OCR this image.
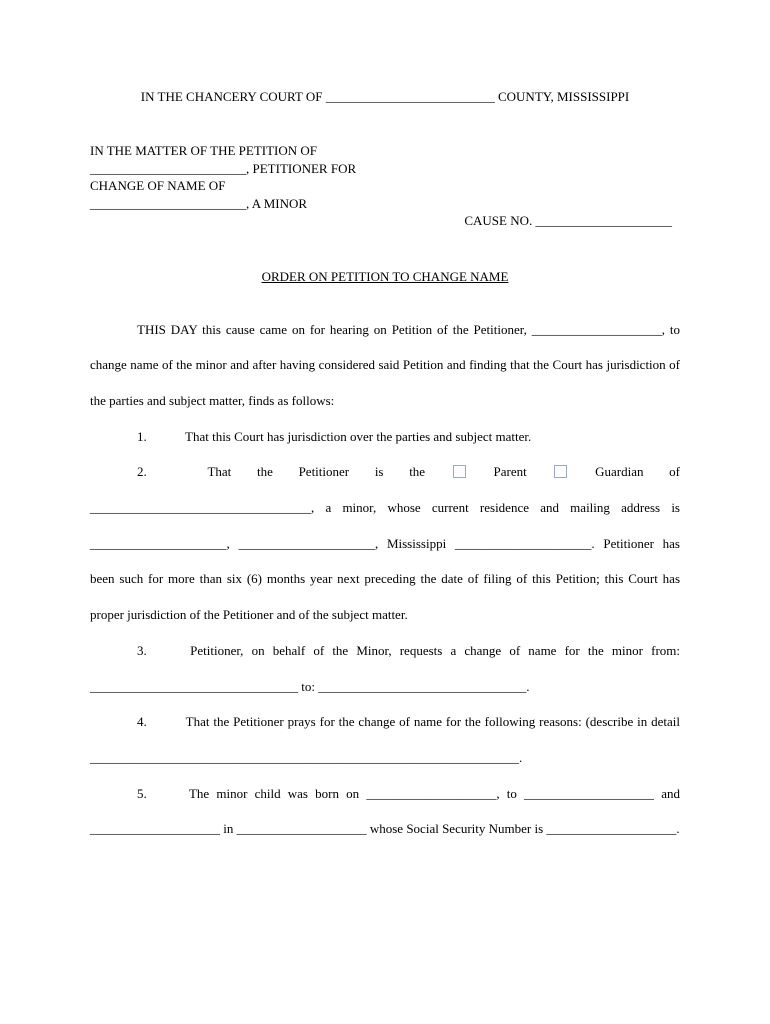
IN THE CHANCERY COURT OF __________________________ COUNTY, MISSISSIPPI
IN THE MATTER OF THE PETITION OF
________________________, PETITIONER FOR
CHANGE OF NAME OF
________________________, A MINOR
CAUSE NO. _____________________
ORDER ON PETITION TO CHANGE NAME

THIS DAY this cause came on for hearing on Petition of the Petitioner, ____________________, to change name of the minor and after having considered said Petition and finding that the Court has jurisdiction of the parties and subject matter, finds as follows:

1.	That this Court has jurisdiction over the parties and subject matter.

2.	That the Petitioner is the	Parent	Guardian of __________________________________, a minor, whose current residence and mailing address is _____________________, _____________________, Mississippi _____________________. Petitioner has been such for more than six (6) months year next preceding the date of filing of this Petition; this Court has proper jurisdiction of the Petitioner and of the subject matter.

3.	Petitioner, on behalf of the Minor, requests a change of name for the minor from: ________________________________ to: ________________________________.

4.	That the Petitioner prays for the change of name for the following reasons: (describe in detail __________________________________________________________________.

5.	The minor child was born on ____________________, to ____________________ and ____________________ in ____________________ whose Social Security Number is ____________________.
